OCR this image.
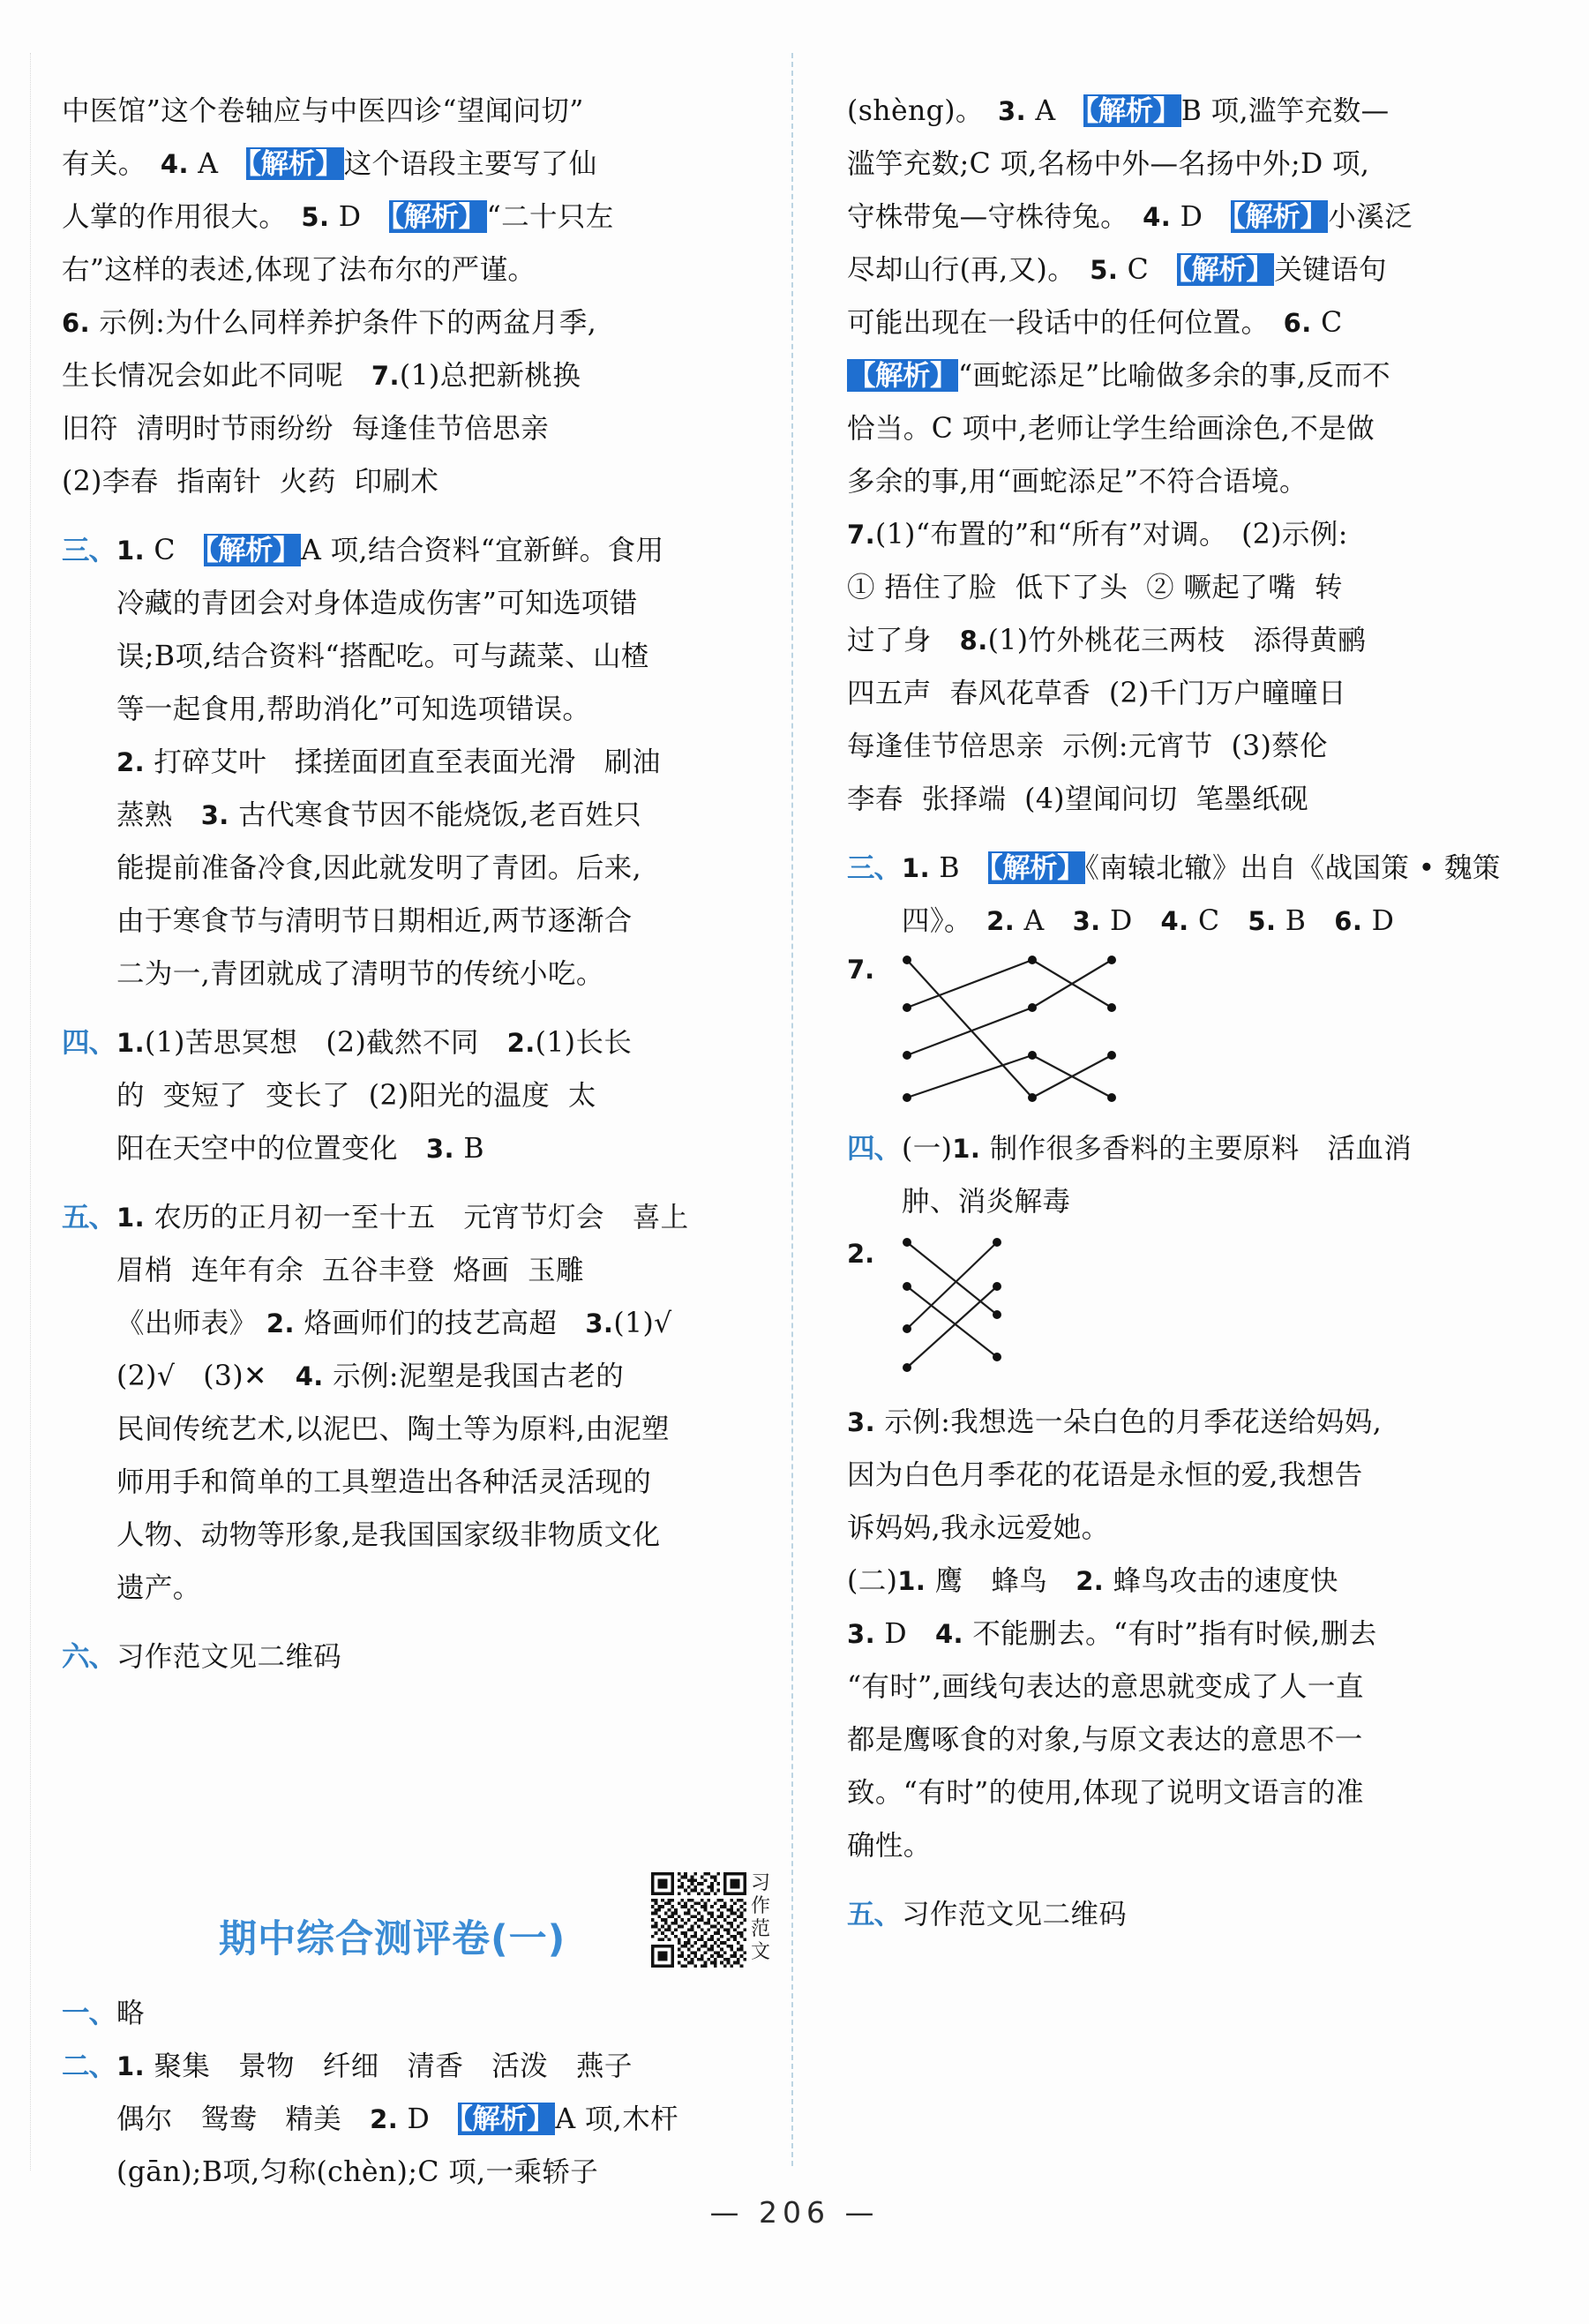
中医馆”这个卷轴应与中医四诊“望闻问切”
有关。　4. A　【解析】这个语段主要写了仙
人掌的作用很大。　5. D　【解析】“二十只左
右”这样的表述,体现了法布尔的严谨。
6. 示例:为什么同样养护条件下的两盆月季,
生长情况会如此不同呢　7.(1)总把新桃换
旧符  清明时节雨纷纷  每逢佳节倍思亲
(2)李春  指南针  火药  印刷术
三、 1. C　【解析】A 项,结合资料“宜新鲜。食用
冷藏的青团会对身体造成伤害”可知选项错
误;B项,结合资料“搭配吃。可与蔬菜、山楂
等一起食用,帮助消化”可知选项错误。
2. 打碎艾叶　揉搓面团直至表面光滑　刷油
蒸熟　3. 古代寒食节因不能烧饭,老百姓只
能提前准备冷食,因此就发明了青团。后来,
由于寒食节与清明节日期相近,两节逐渐合
二为一,青团就成了清明节的传统小吃。
四、 1.(1)苦思冥想　(2)截然不同　2.(1)长长
的  变短了  变长了  (2)阳光的温度  太
阳在天空中的位置变化　3. B
五、 1. 农历的正月初一至十五　元宵节灯会　喜上
眉梢  连年有余  五谷丰登  烙画  玉雕
《出师表》 2. 烙画师们的技艺高超　3.(1)√
(2)√　(3)✕　4. 示例:泥塑是我国古老的
民间传统艺术,以泥巴、陶土等为原料,由泥塑
师用手和简单的工具塑造出各种活灵活现的
人物、动物等形象,是我国国家级非物质文化
遗产。
六、 习作范文见二维码
期中综合测评卷(一)
习作范文
一、 略
二、 1. 聚集　景物　纤细　清香　活泼　燕子
偶尔　鸳鸯　精美　2. D　【解析】A 项,木杆
(gān);B项,匀称(chèn);C 项,一乘轿子
(shèng)。　3. A　【解析】B 项,滥竽充数—
滥竽充数;C 项,名杨中外—名扬中外;D 项,
守株带兔—守株待兔。　4. D　【解析】小溪泛
尽却山行(再,又)。　5. C　【解析】关键语句
可能出现在一段话中的任何位置。　6. C
【解析】“画蛇添足”比喻做多余的事,反而不
恰当。C 项中,老师让学生给画涂色,不是做
多余的事,用“画蛇添足”不符合语境。
7.(1)“布置的”和“所有”对调。　(2)示例:
① 捂住了脸  低下了头  ② 噘起了嘴  转
过了身　8.(1)竹外桃花三两枝　添得黄鹂
四五声  春风花草香  (2)千门万户曈曈日
每逢佳节倍思亲  示例:元宵节  (3)蔡伦
李春  张择端  (4)望闻问切  笔墨纸砚
三、 1. B　【解析】《南辕北辙》出自《战国策 • 魏策
四》。　2. A　3. D　4. C　5. B　6. D
7.
四、 (一)1. 制作很多香料的主要原料　活血消
肿、消炎解毒
2.
3. 示例:我想选一朵白色的月季花送给妈妈,
因为白色月季花的花语是永恒的爱,我想告
诉妈妈,我永远爱她。
(二)1. 鹰　蜂鸟　2. 蜂鸟攻击的速度快
3. D　4. 不能删去。“有时”指有时候,删去
“有时”,画线句表达的意思就变成了人一直
都是鹰啄食的对象,与原文表达的意思不一
致。“有时”的使用,体现了说明文语言的准
确性。
五、 习作范文见二维码
— 206 —
